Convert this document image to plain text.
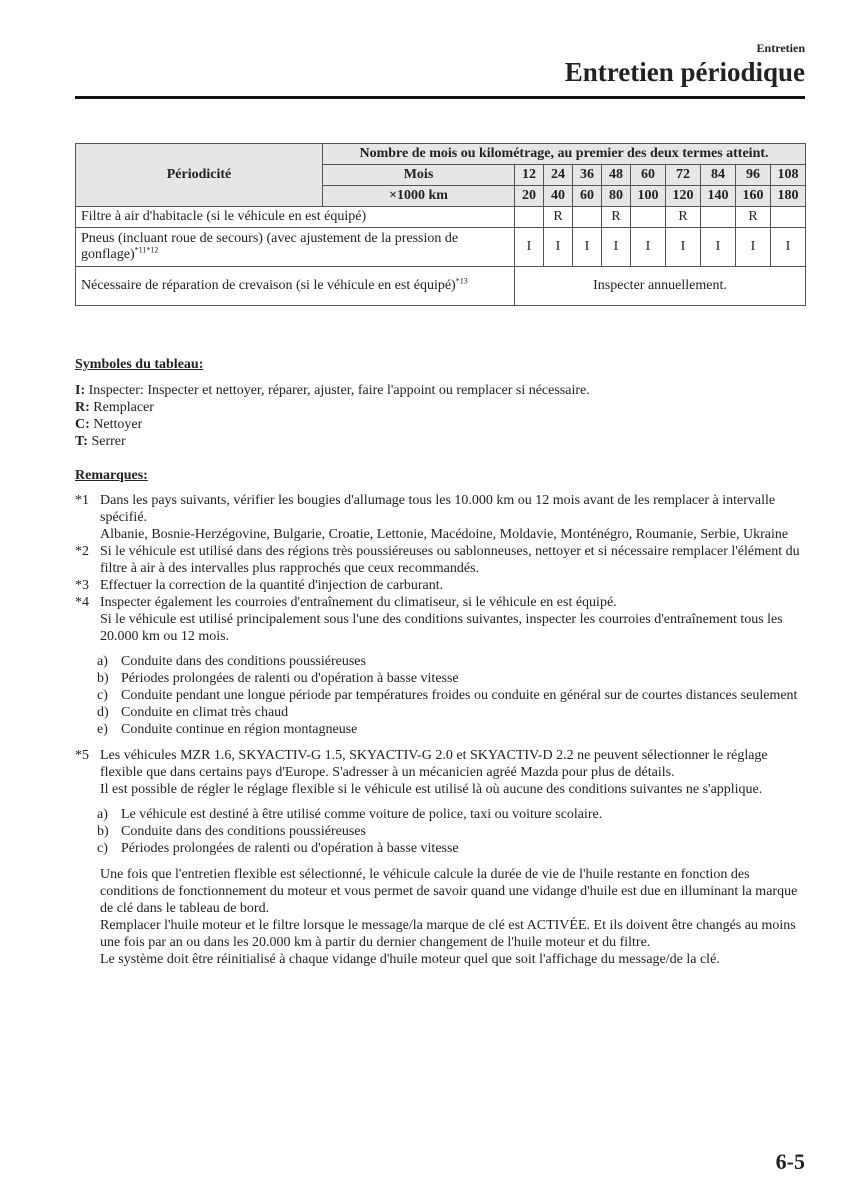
Entretien
Entretien périodique
Périodicité	Nombre de mois ou kilométrage, au premier des deux termes atteint.									
	Mois	12	24	36	48	60	72	84	96	108
	×1000 km	20	40	60	80	100	120	140	160	180
Filtre à air d'habitacle (si le véhicule en est équipé)			R		R		R		R	
Pneus (incluant roue de secours) (avec ajustement de la pression de gonflage)$^{*11*12}$		I	I	I	I	I	I	I	I	I
Nécessaire de réparation de crevaison (si le véhicule en est équipé)$^{*13}$		Inspecter annuellement.								

Symboles du tableau:

I: Inspecter: Inspecter et nettoyer, réparer, ajuster, faire l'appoint ou remplacer si nécessaire.

R: Remplacer

C: Nettoyer

T: Serrer

Remarques:

*1 Dans les pays suivants, vérifier les bougies d'allumage tous les 10.000 km ou 12 mois avant de les remplacer à intervalle spécifié.

Albanie, Bosnie-Herzégovine, Bulgarie, Croatie, Lettonie, Macédoine, Moldavie, Monténégro, Roumanie, Serbie, Ukraine

*2 Si le véhicule est utilisé dans des régions très poussiéreuses ou sablonneuses, nettoyer et si nécessaire remplacer l'élément du filtre à air à des intervalles plus rapprochés que ceux recommandés.

*3 Effectuer la correction de la quantité d'injection de carburant.

*4 Inspecter également les courroies d'entraînement du climatiseur, si le véhicule en est équipé.

Si le véhicule est utilisé principalement sous l'une des conditions suivantes, inspecter les courroies d'entraînement tous les 20.000 km ou 12 mois.

a) Conduite dans des conditions poussiéreuses
b) Périodes prolongées de ralenti ou d'opération à basse vitesse
c) Conduite pendant une longue période par températures froides ou conduite en général sur de courtes distances seulement
d) Conduite en climat très chaud
e) Conduite continue en région montagneuse
*5 Les véhicules MZR 1.6, SKYACTIV-G 1.5, SKYACTIV-G 2.0 et SKYACTIV-D 2.2 ne peuvent sélectionner le réglage flexible que dans certains pays d'Europe. S'adresser à un mécanicien agréé Mazda pour plus de détails.

Il est possible de régler le réglage flexible si le véhicule est utilisé là où aucune des conditions suivantes ne s'applique.

a) Le véhicule est destiné à être utilisé comme voiture de police, taxi ou voiture scolaire.
b) Conduite dans des conditions poussiéreuses
c) Périodes prolongées de ralenti ou d'opération à basse vitesse

Une fois que l'entretien flexible est sélectionné, le véhicule calcule la durée de vie de l'huile restante en fonction des conditions de fonctionnement du moteur et vous permet de savoir quand une vidange d'huile est due en illuminant la marque de clé dans le tableau de bord.

Remplacer l'huile moteur et le filtre lorsque le message/la marque de clé est ACTIVÉE. Et ils doivent être changés au moins une fois par an ou dans les 20.000 km à partir du dernier changement de l'huile moteur et du filtre.

Le système doit être réinitialisé à chaque vidange d'huile moteur quel que soit l'affichage du message/de la clé.

6-5
